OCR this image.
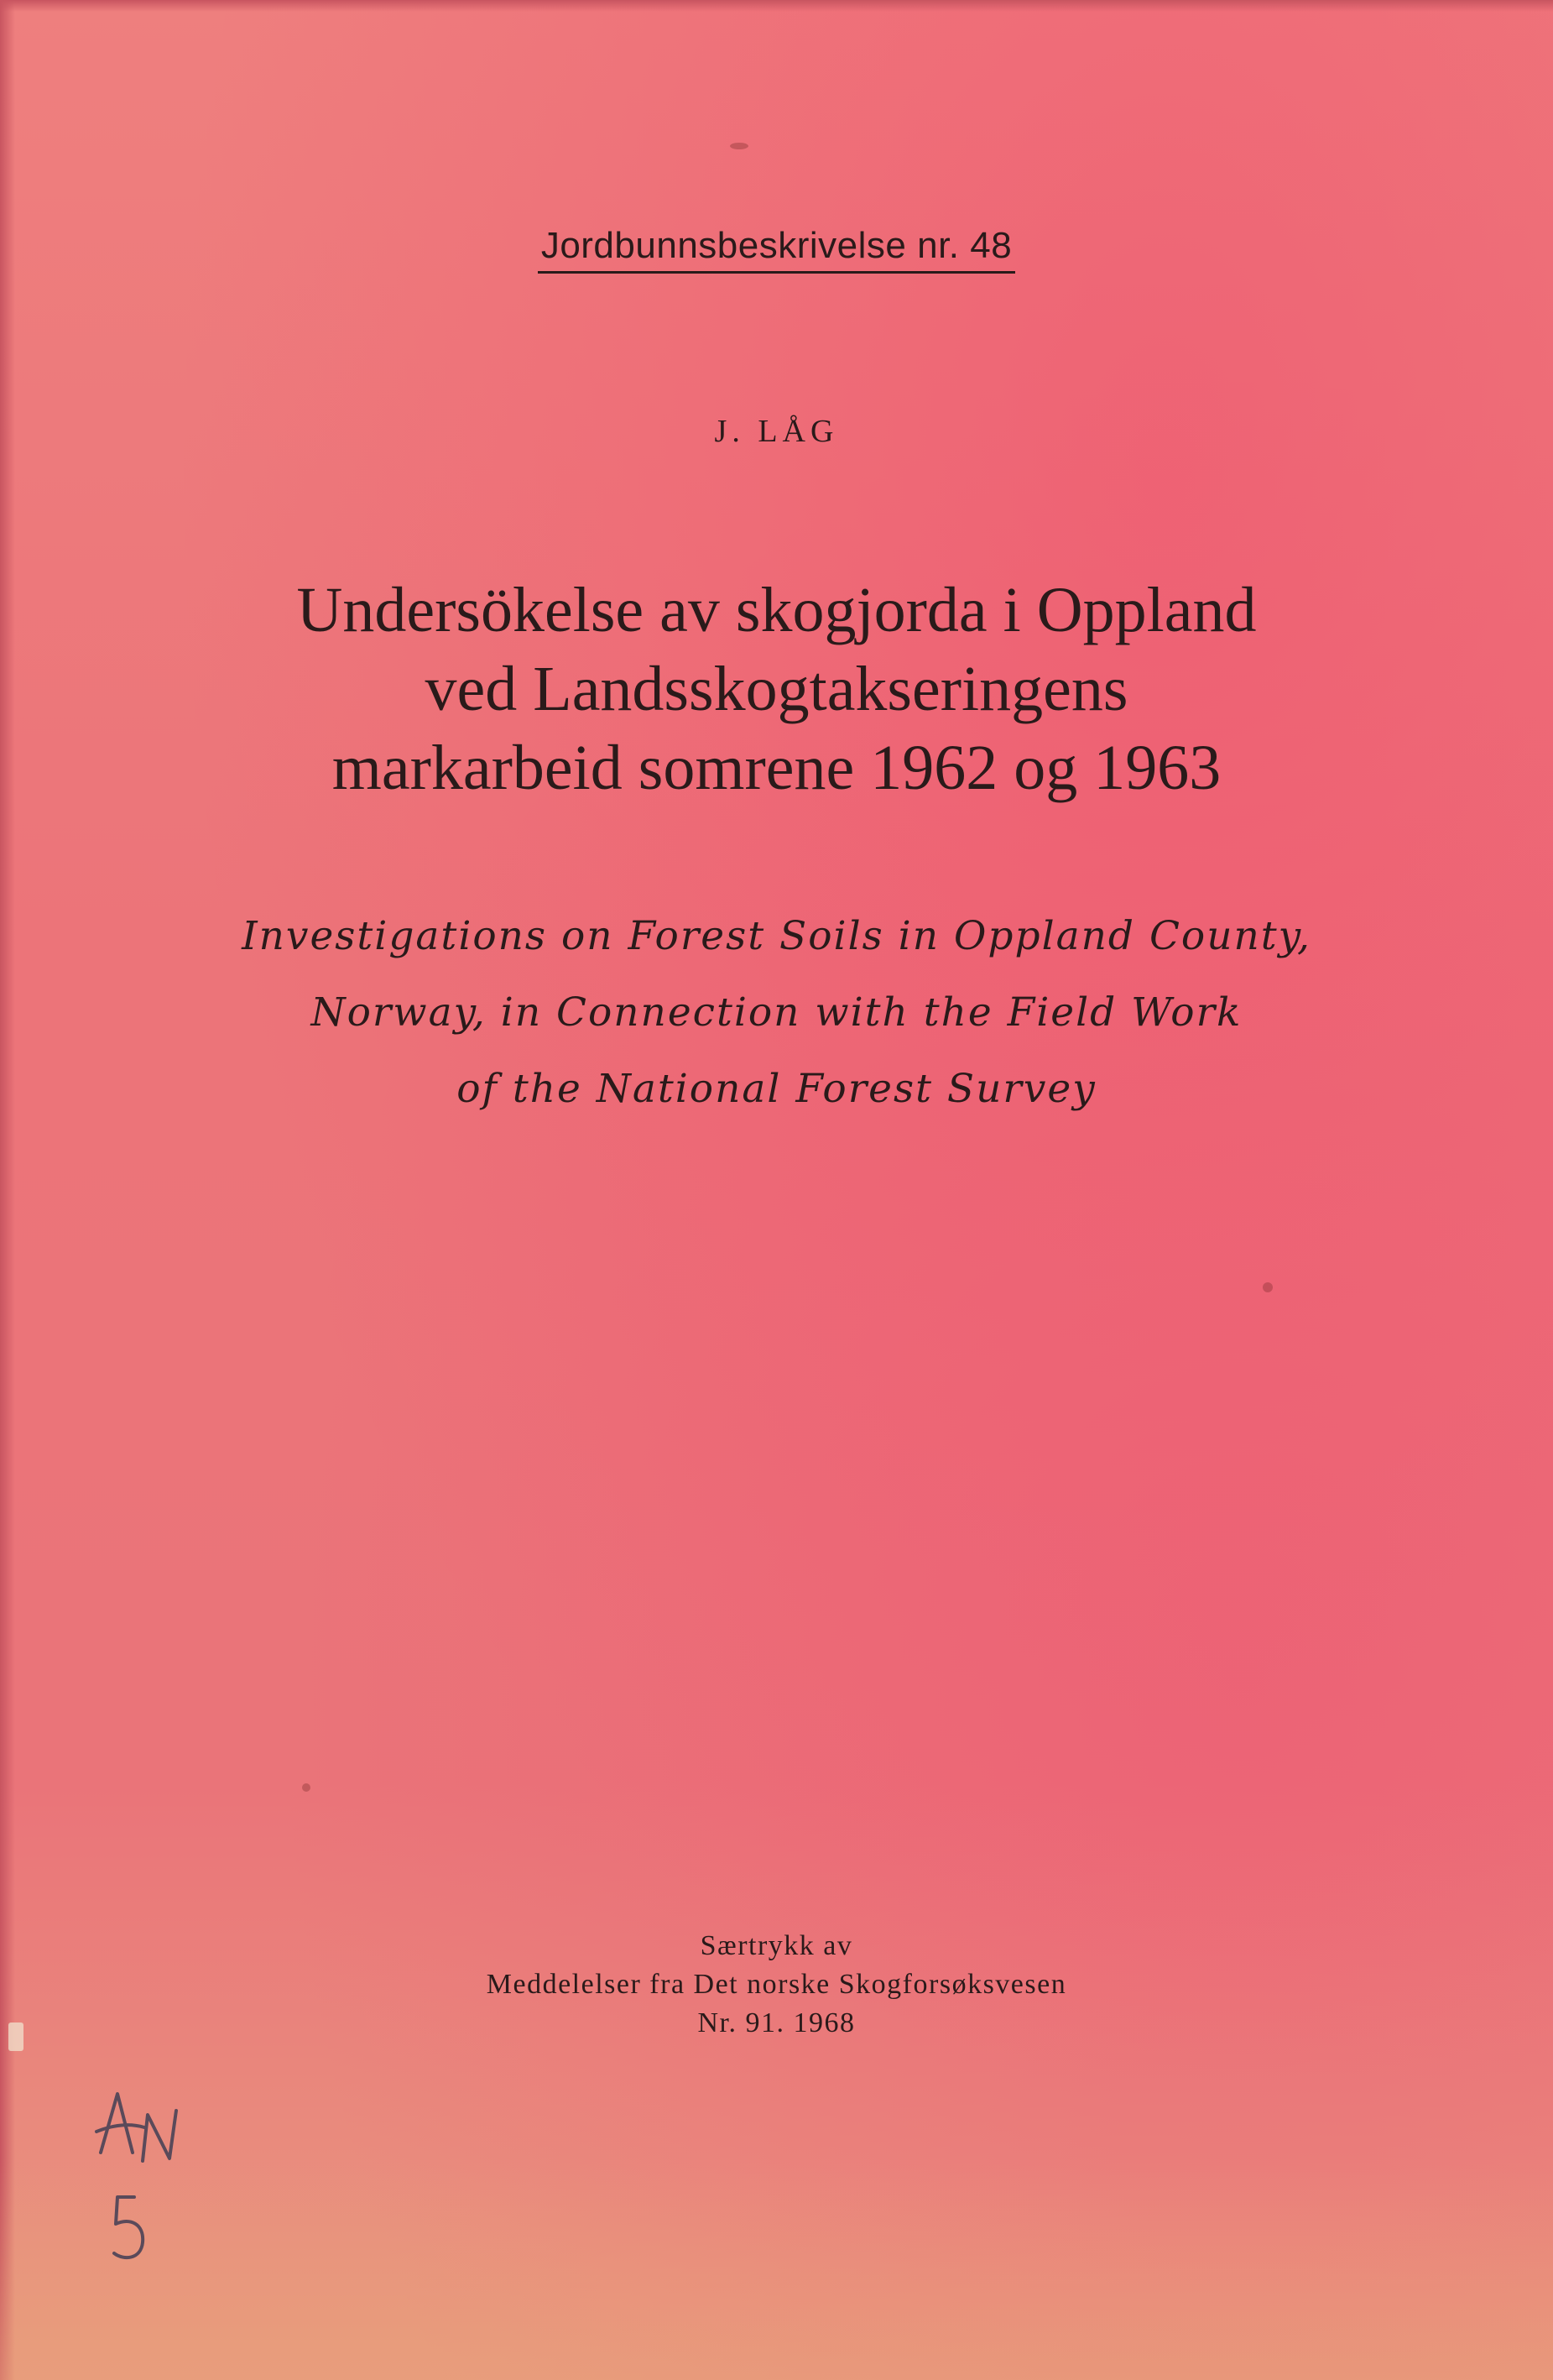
Jordbunnsbeskrivelse nr. 48
J. LÅG
Undersökelse av skogjorda i Oppland
ved Landsskogtakseringens
markarbeid somrene 1962 og 1963
Investigations on Forest Soils in Oppland County,
Norway, in Connection with the Field Work
of the National Forest Survey
Særtrykk av
Meddelelser fra Det norske Skogforsøksvesen
Nr. 91. 1968
